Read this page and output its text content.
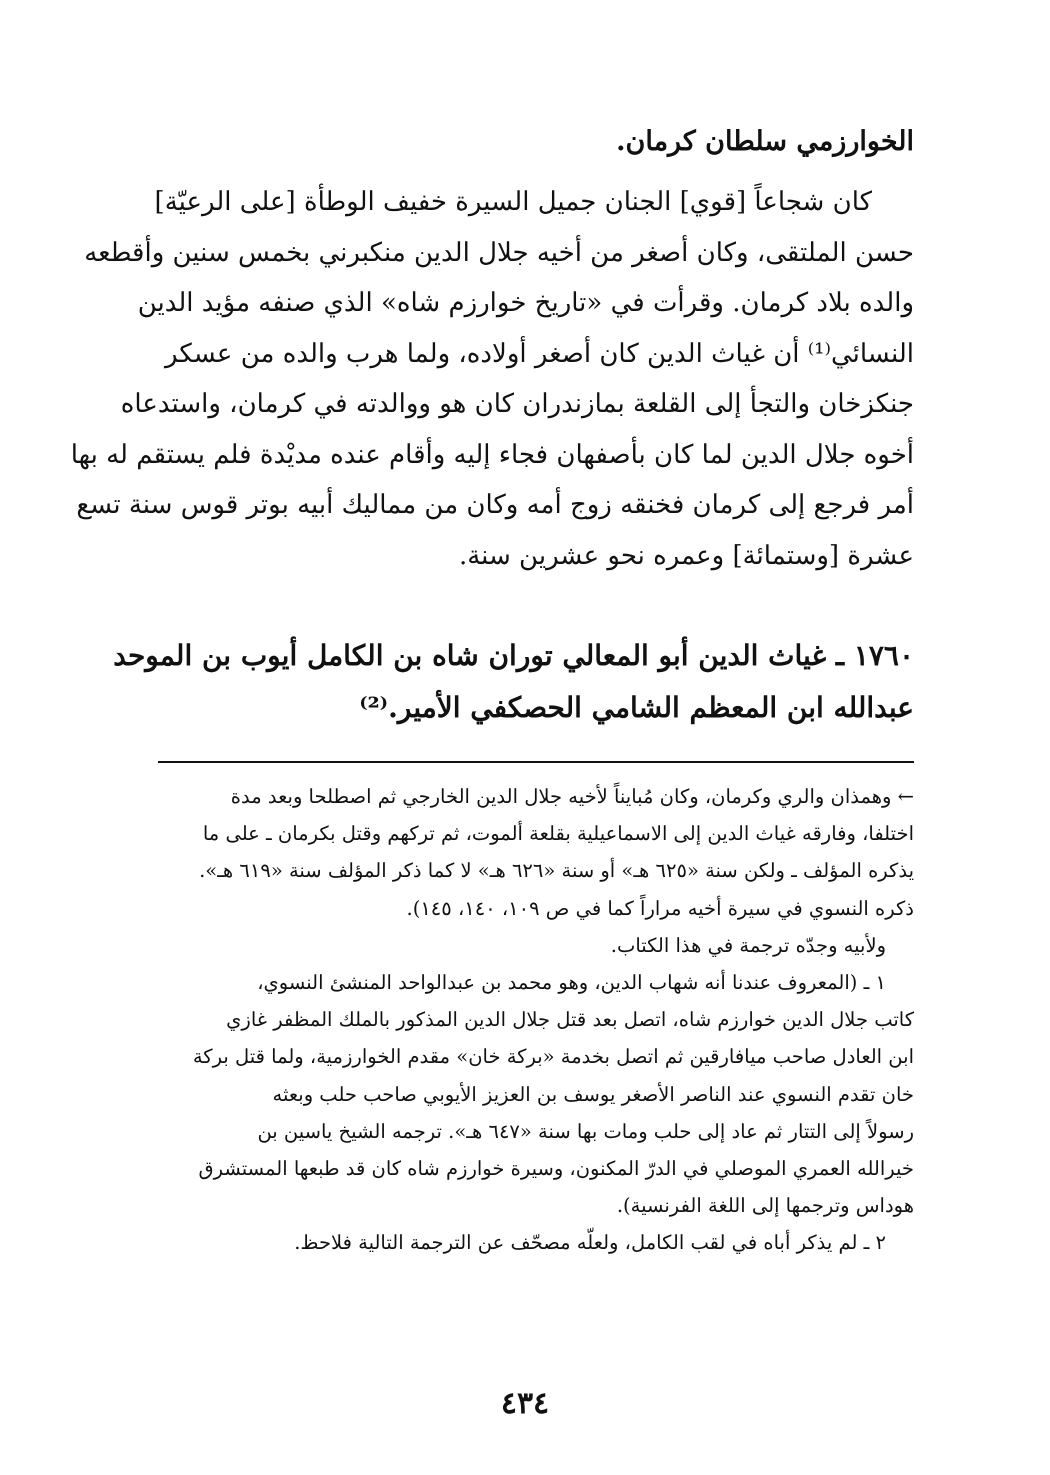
الخوارزمي سلطان كرمان.
كان شجاعاً [قوي] الجنان جميل السيرة خفيف الوطأة [على الرعيّة]
حسن الملتقى، وكان أصغر من أخيه جلال الدين منكبرني بخمس سنين وأقطعه
والده بلاد كرمان. وقرأت في «تاريخ خوارزم شاه» الذي صنفه مؤيد الدين
النسائي⁽¹⁾ أن غياث الدين كان أصغر أولاده، ولما هرب والده من عسكر
جنكزخان والتجأ إلى القلعة بمازندران كان هو ووالدته في كرمان، واستدعاه
أخوه جلال الدين لما كان بأصفهان فجاء إليه وأقام عنده مديْدة فلم يستقم له بها
أمر فرجع إلى كرمان فخنقه زوج أمه وكان من مماليك أبيه بوتر قوس سنة تسع
عشرة [وستمائة] وعمره نحو عشرين سنة.
١٧٦٠ ـ غياث الدين أبو المعالي توران شاه بن الكامل أيوب بن الموحد
عبدالله ابن المعظم الشامي الحصكفي الأمير.⁽²⁾
← وهمذان والري وكرمان، وكان مُبايناً لأخيه جلال الدين الخارجي ثم اصطلحا وبعد مدة
اختلفا، وفارقه غياث الدين إلى الاسماعيلية بقلعة ألموت، ثم تركهم وقتل بكرمان ـ على ما
يذكره المؤلف ـ ولكن سنة «٦٢٥ هـ» أو سنة «٦٢٦ هـ» لا كما ذكر المؤلف سنة «٦١٩ هـ».
ذكره النسوي في سيرة أخيه مراراً كما في ص ١٠٩، ١٤٠، ١٤٥).
ولأبيه وجدّه ترجمة في هذا الكتاب.
١ ـ (المعروف عندنا أنه شهاب الدين، وهو محمد بن عبدالواحد المنشئ النسوي،
كاتب جلال الدين خوارزم شاه، اتصل بعد قتل جلال الدين المذكور بالملك المظفر غازي
ابن العادل صاحب ميافارقين ثم اتصل بخدمة «بركة خان» مقدم الخوارزمية، ولما قتل بركة
خان تقدم النسوي عند الناصر الأصغر يوسف بن العزيز الأيوبي صاحب حلب وبعثه
رسولاً إلى التتار ثم عاد إلى حلب ومات بها سنة «٦٤٧ هـ». ترجمه الشيخ ياسين بن
خيرالله العمري الموصلي في الدرّ المكنون، وسيرة خوارزم شاه كان قد طبعها المستشرق
هوداس وترجمها إلى اللغة الفرنسية).
٢ ـ لم يذكر أباه في لقب الكامل، ولعلّه مصحّف عن الترجمة التالية فلاحظ.
٤٣٤
